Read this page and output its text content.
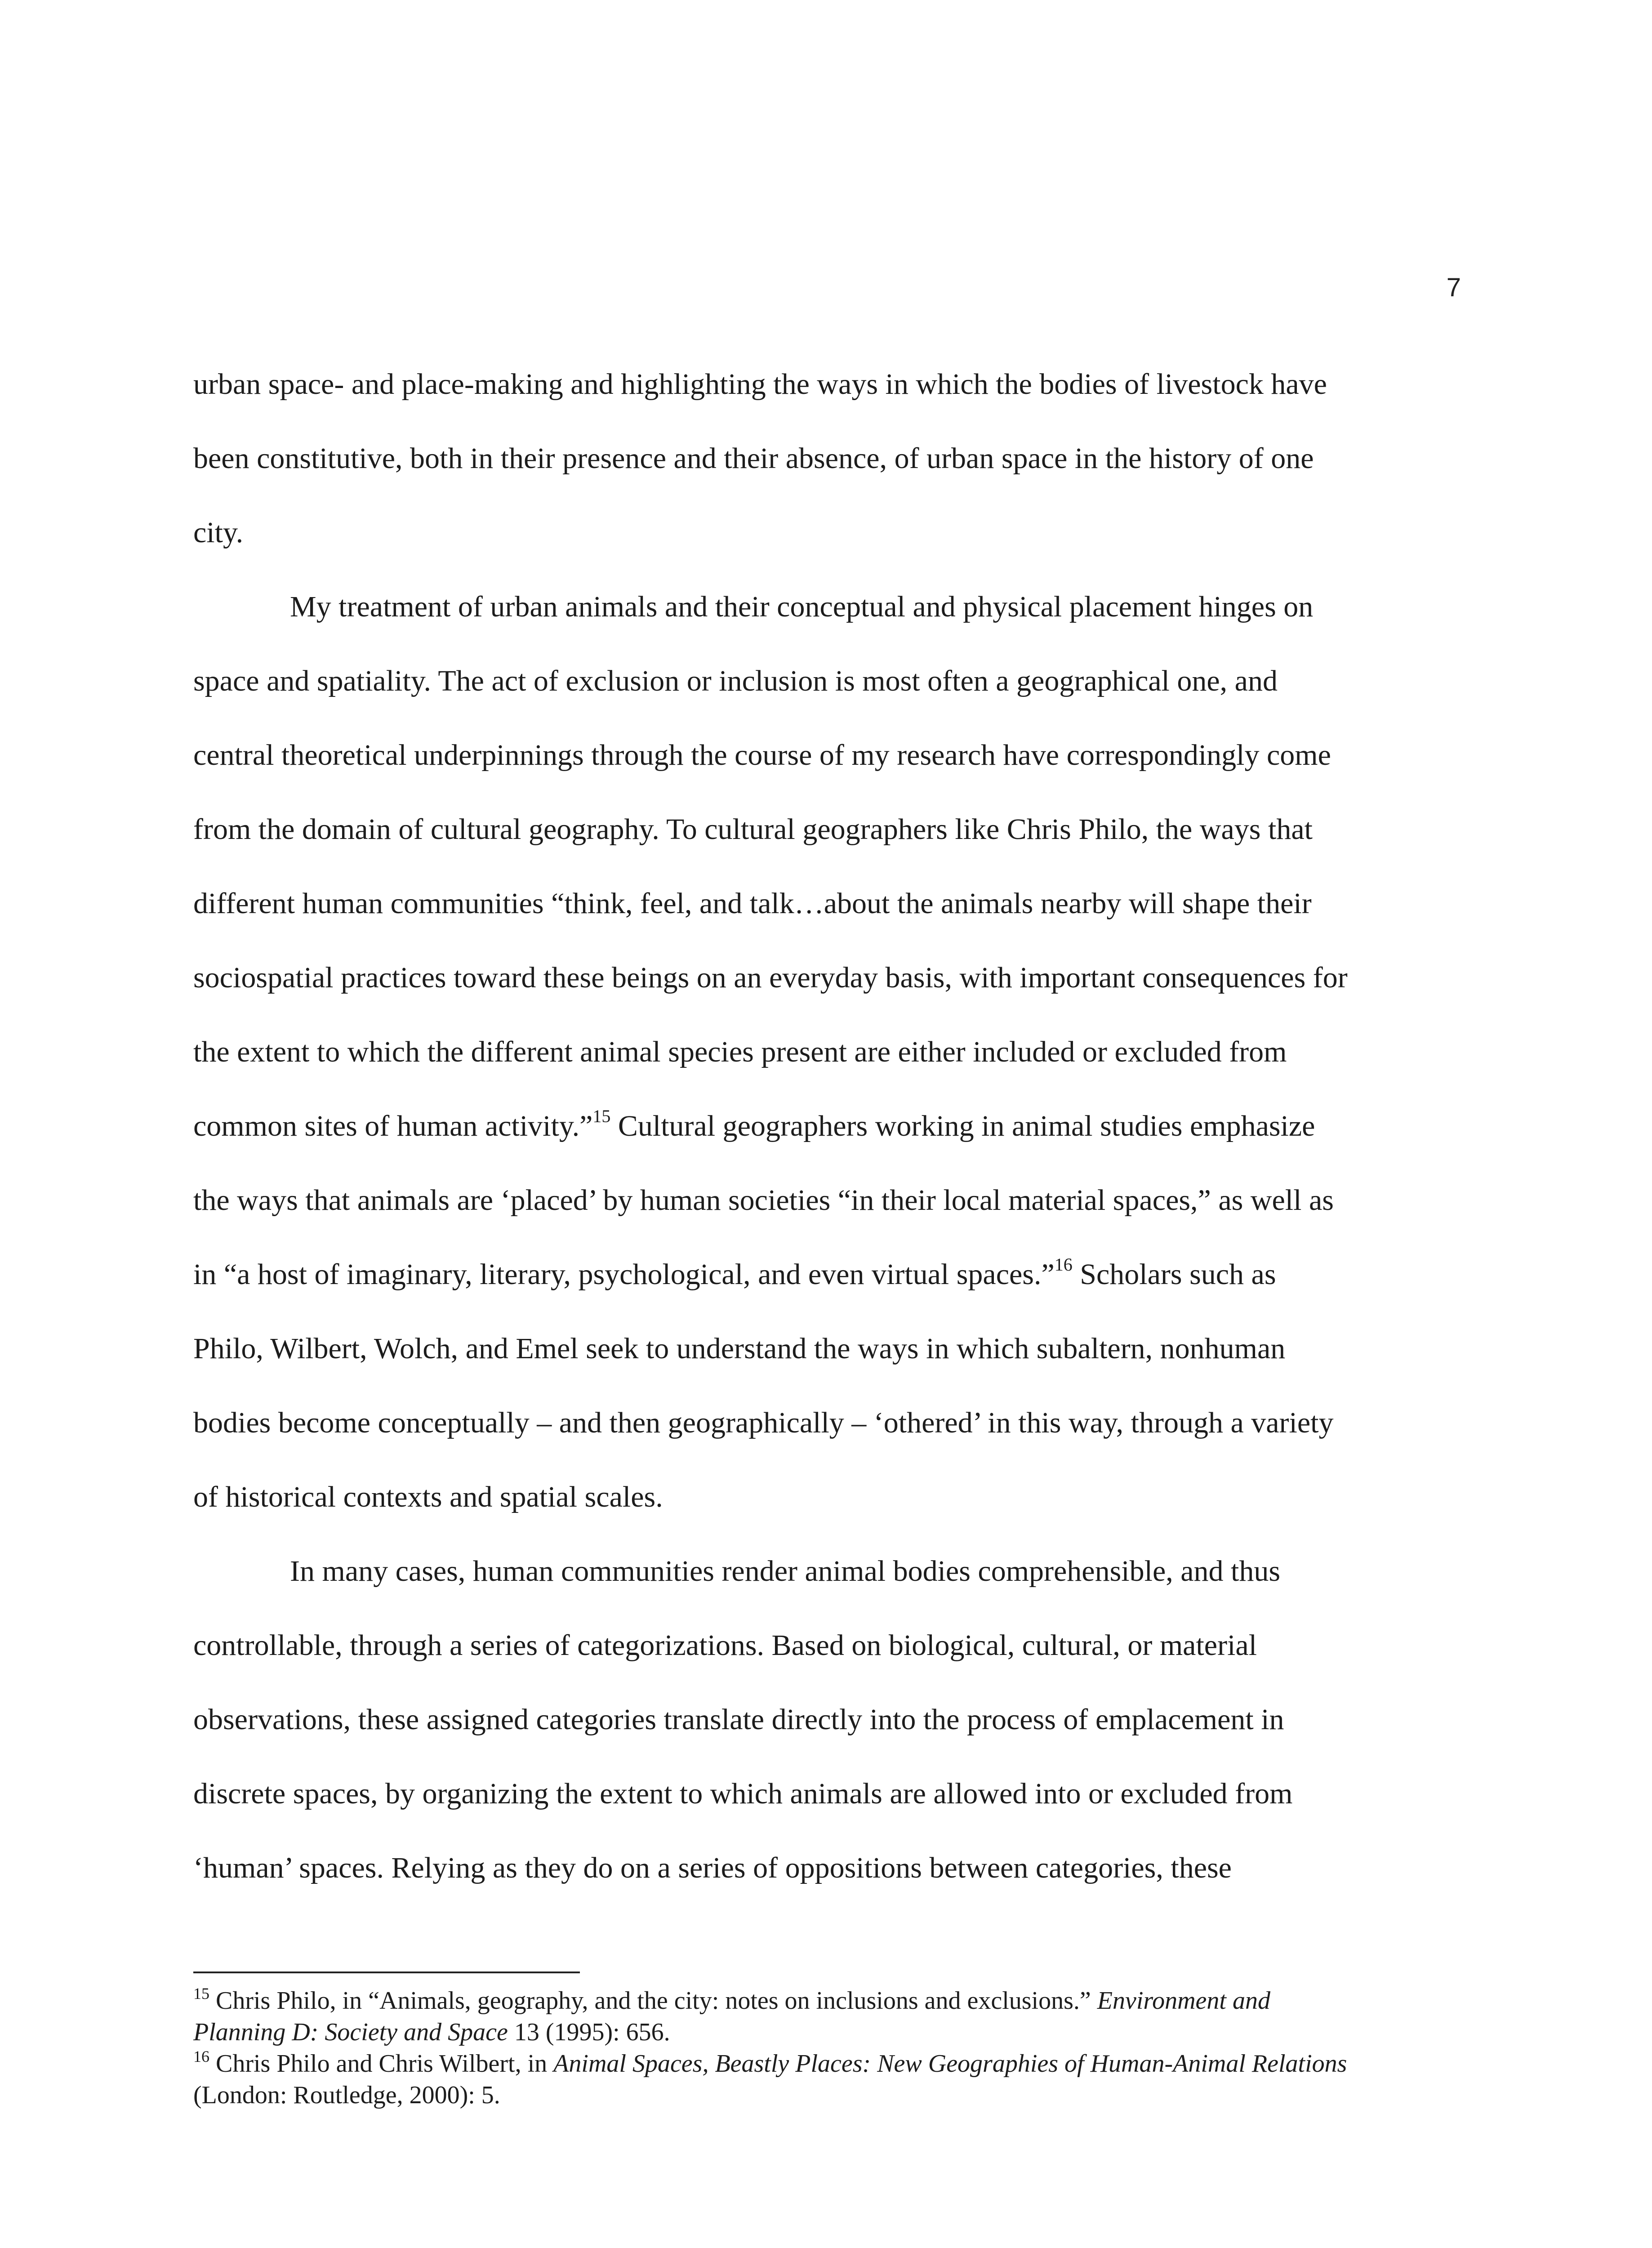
7
urban space- and place-making and highlighting the ways in which the bodies of livestock have
been constitutive, both in their presence and their absence, of urban space in the history of one
city.
My treatment of urban animals and their conceptual and physical placement hinges on
space and spatiality. The act of exclusion or inclusion is most often a geographical one, and
central theoretical underpinnings through the course of my research have correspondingly come
from the domain of cultural geography. To cultural geographers like Chris Philo, the ways that
different human communities “think, feel, and talk…about the animals nearby will shape their
sociospatial practices toward these beings on an everyday basis, with important consequences for
the extent to which the different animal species present are either included or excluded from
common sites of human activity.”$^{15}$ Cultural geographers working in animal studies emphasize
the ways that animals are ‘placed’ by human societies “in their local material spaces,” as well as
in “a host of imaginary, literary, psychological, and even virtual spaces.”$^{16}$ Scholars such as
Philo, Wilbert, Wolch, and Emel seek to understand the ways in which subaltern, nonhuman
bodies become conceptually – and then geographically – ‘othered’ in this way, through a variety
of historical contexts and spatial scales.
In many cases, human communities render animal bodies comprehensible, and thus
controllable, through a series of categorizations. Based on biological, cultural, or material
observations, these assigned categories translate directly into the process of emplacement in
discrete spaces, by organizing the extent to which animals are allowed into or excluded from
‘human’ spaces. Relying as they do on a series of oppositions between categories, these
$^{15}$ Chris Philo, in “Animals, geography, and the city: notes on inclusions and exclusions.” Environment and
Planning D: Society and Space 13 (1995): 656.
$^{16}$ Chris Philo and Chris Wilbert, in Animal Spaces, Beastly Places: New Geographies of Human-Animal Relations
(London: Routledge, 2000): 5.
